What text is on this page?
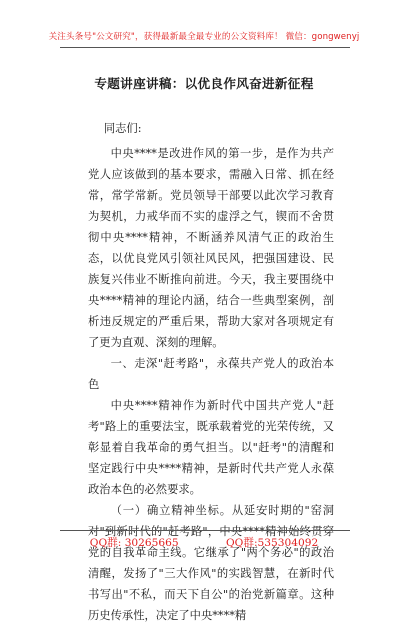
关注头条号"公文研究"，获得最新最全最专业的公文资料库！ 微信：gongwenyj
专题讲座讲稿：以优良作风奋进新征程

同志们:

中央****是改进作风的第一步，是作为共产党人应该做到的基本要求，需融入日常、抓在经常，常学常新。党员领导干部要以此次学习教育为契机，力戒华而不实的虚浮之气，锲而不舍贯彻中央****精神，不断涵养风清气正的政治生态，以优良党风引领社风民风，把强国建设、民族复兴伟业不断推向前进。今天，我主要围绕中央****精神的理论内涵，结合一些典型案例，剖析违反规定的严重后果，帮助大家对各项规定有了更为直观、深刻的理解。

一、走深"赶考路"，永葆共产党人的政治本色

中央****精神作为新时代中国共产党人"赶考"路上的重要法宝，既承载着党的光荣传统，又彰显着自我革命的勇气担当。以"赶考"的清醒和坚定践行中央****精神，是新时代共产党人永葆政治本色的必然要求。

（一）确立精神坐标。从延安时期的"窑洞对"到新时代的"赶考路"，中央****精神始终贯穿党的自我革命主线。它继承了"两个务必"的政治清醒，发扬了"三大作风"的实践智慧，在新时代书写出"不私，而天下自公"的治党新篇章。这种历史传承性，决定了中央****精

QQ群: 30265665	QQ群:535304092
